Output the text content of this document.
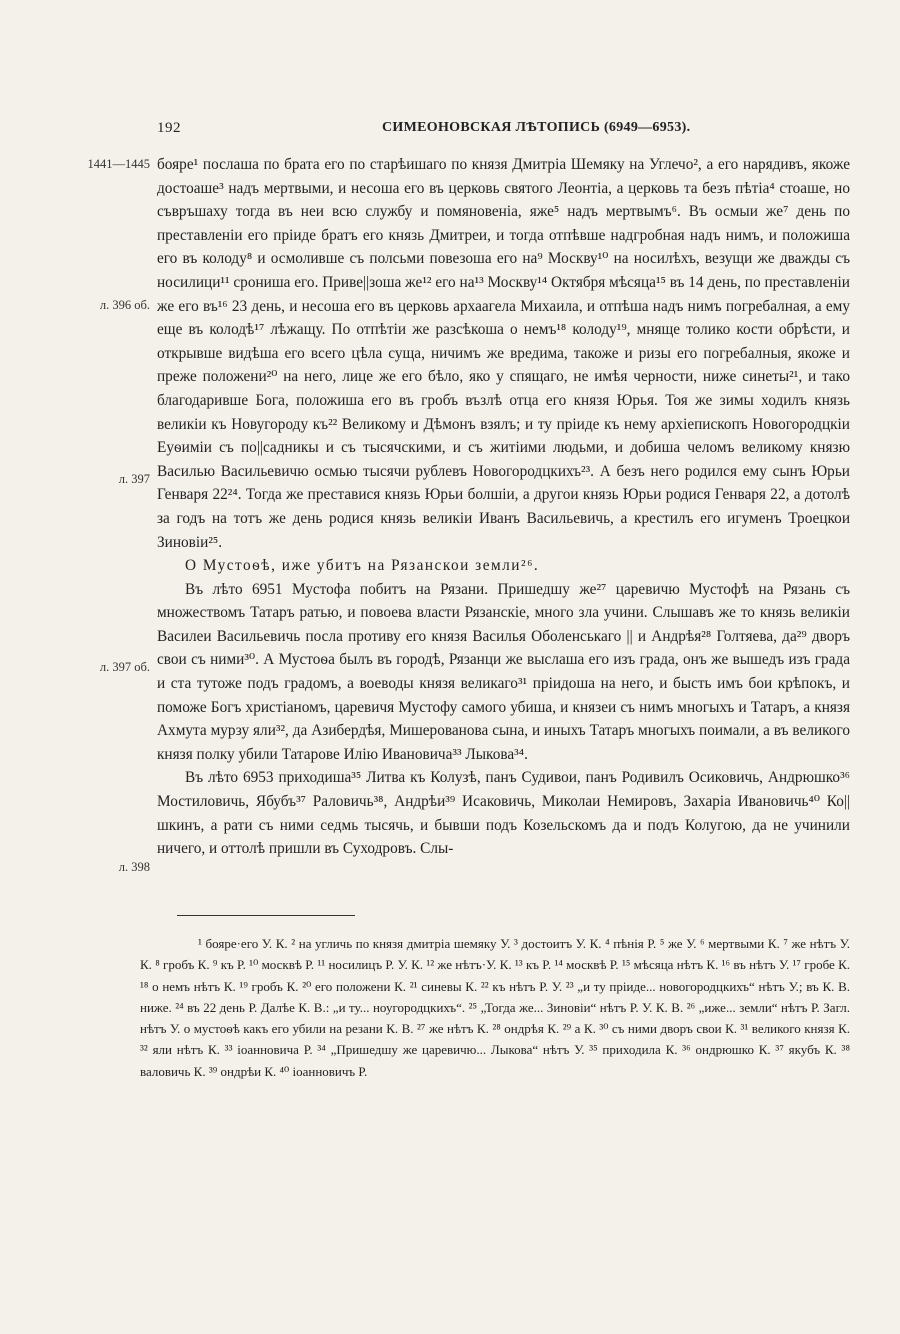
192	СИМЕОНОВСКАЯ ЛѢТОПИСЬ (6949—6953).
1441—1445
л. 396 об.
л. 397
л. 397 об.
л. 398

бояре¹ послаша по брата его по старѣишаго по князя Дмитріа Шемяку на Углечо², а его нарядивъ, якоже достоаше³ надъ мертвыми, и несоша его въ церковь святого Леонтіа, а церковь та безъ пѣтіа⁴ стоаше, но съвръшаху тогда въ неи всю службу и помяновеніа, яже⁵ надъ мертвымъ⁶. Въ осмыи же⁷ день по преставленіи его пріиде братъ его князь Дмитреи, и тогда отпѣвше надгробная надъ нимъ, и положиша его въ колоду⁸ и осмоливше съ полсьми повезоша его на⁹ Москву¹⁰ на носилѣхъ, везущи же дважды съ носилици¹¹ срониша его. Приве||зоша же¹² его на¹³ Москву¹⁴ Октября мѣсяца¹⁵ въ 14 день, по преставленіи же его въ¹⁶ 23 день, и несоша его въ церковь архаагела Михаила, и отпѣша надъ нимъ погребалная, а ему еще въ колодѣ¹⁷ лѣжащу. По отпѣтіи же разсѣкоша о немъ¹⁸ колоду¹⁹, мняще толико кости обрѣсти, и открывше видѣша его всего цѣла суща, ничимъ же вредима, такоже и ризы его погребалныя, якоже и преже положени²⁰ на него, лице же его бѣло, яко у спящаго, не имѣя черности, ниже синеты²¹, и тако благодаривше Бога, положиша его въ гробъ възлѣ отца его князя Юрья. Тоя же зимы ходилъ князь великіи къ Новугороду къ²² Великому и Дѣмонъ взялъ; и ту пріиде къ нему архіепископъ Новогородцкіи Еуѳиміи съ по||садникы и съ тысячскими, и съ житіими людьми, и добиша челомъ великому князю Василью Васильевичю осмью тысячи рублевъ Новогородцкихъ²³. А безъ него родился ему сынъ Юрьи Генваря 22²⁴. Тогда же преставися князь Юрьи болшіи, а другои князь Юрьи родися Генваря 22, а дотолѣ за годъ на тотъ же день родися князь великіи Иванъ Васильевичь, а крестилъ его игуменъ Троецкои Зиновіи²⁵.

О Мустоѳѣ, иже убитъ на Рязанскои земли²⁶.

Въ лѣто 6951 Мустофа побитъ на Рязани. Пришедшу же²⁷ царевичю Мустофѣ на Рязань съ множествомъ Татаръ ратью, и повоева власти Рязанскіе, много зла учини. Слышавъ же то князь великіи Василеи Васильевичь посла противу его князя Василья Оболенськаго || и Андрѣя²⁸ Голтяева, да²⁹ дворъ свои съ ними³⁰. А Мустоѳа былъ въ городѣ, Рязанци же выслаша его изъ града, онъ же вышедъ изъ града и ста тутоже подъ градомъ, а воеводы князя великаго³¹ пріидоша на него, и бысть имъ бои крѣпокъ, и поможе Богъ христіаномъ, царевичя Мустофу самого убиша, и князеи съ нимъ многыхъ и Татаръ, а князя Ахмута мурзу яли³², да Азибердѣя, Мишерованова сына, и иныхъ Татаръ многыхъ поимали, а въ великого князя полку убили Татарове Илію Ивановича³³ Лыкова³⁴.

Въ лѣто 6953 приходиша³⁵ Литва къ Колузѣ, панъ Судивои, панъ Родивилъ Осиковичь, Андрюшко³⁶ Мостиловичь, Ябубъ³⁷ Раловичь³⁸, Андрѣи³⁹ Исаковичь, Миколаи Немировъ, Захаріа Ивановичь⁴⁰ Ко||шкинъ, а рати съ ними седмь тысячь, и бывши подъ Козельскомъ да и подъ Колугою, да не учинили ничего, и оттолѣ пришли въ Суходровъ. Слы-

¹ бояре·его У. К. ² на угличь по князя дмитріа шемяку У. ³ достоитъ У. К. ⁴ пѣнія Р. ⁵ же У. ⁶ мертвыми К. ⁷ же нѣтъ У. К. ⁸ гробъ К. ⁹ къ Р. ¹⁰ москвѣ Р. ¹¹ носилицъ Р. У. К. ¹² же нѣтъ·У. К. ¹³ къ Р. ¹⁴ москвѣ Р. ¹⁵ мѣсяца нѣтъ К. ¹⁶ въ нѣтъ У. ¹⁷ гробе К. ¹⁸ о немъ нѣтъ К. ¹⁹ гробъ К. ²⁰ его положени К. ²¹ синевы К. ²² къ нѣтъ Р. У. ²³ „и ту пріиде... новогородцкихъ“ нѣтъ У.; въ К. В. ниже. ²⁴ въ 22 день Р. Далѣе К. В.: „и ту... ноугородцкихъ“. ²⁵ „Тогда же... Зиновіи“ нѣтъ Р. У. К. В. ²⁶ „иже... земли“ нѣтъ Р. Загл. нѣтъ У. о мустоѳѣ какъ его убили на резани К. В. ²⁷ же нѣтъ К. ²⁸ ондрѣя К. ²⁹ а К. ³⁰ съ ними дворъ свои К. ³¹ великого князя К. ³² яли нѣтъ К. ³³ іоанновича Р. ³⁴ „Пришедшу же царевичю... Лыкова“ нѣтъ У. ³⁵ приходила К. ³⁶ ондрюшко К. ³⁷ якубъ К. ³⁸ валовичь К. ³⁹ ондрѣи К. ⁴⁰ іоанновичъ Р.
